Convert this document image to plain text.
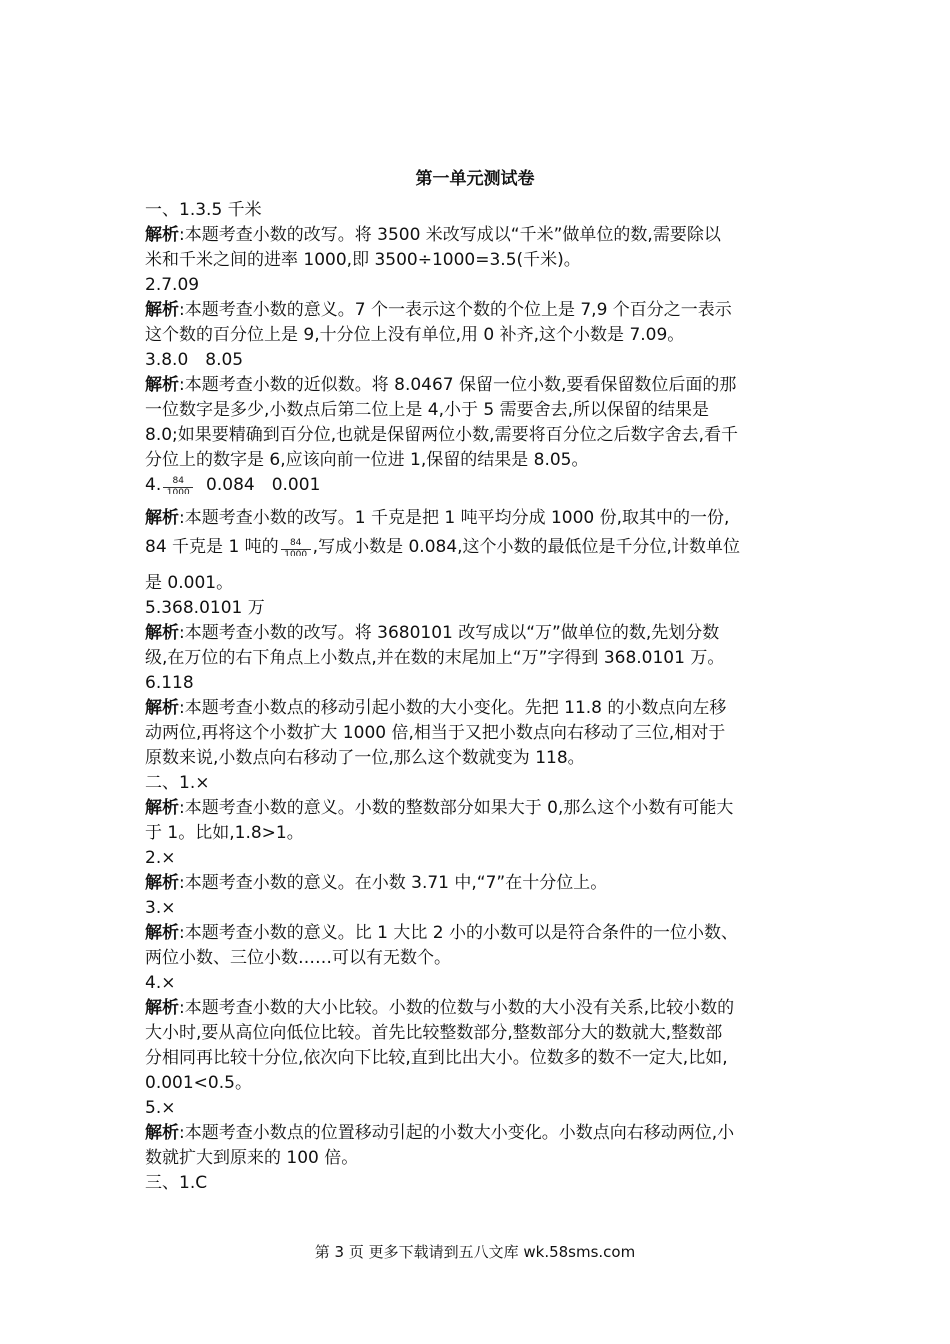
第一单元测试卷
一、1.3.5 千米
解析:本题考查小数的改写。将 3500 米改写成以“千米”做单位的数,需要除以
米和千米之间的进率 1000,即 3500÷1000=3.5(千米)。
2.7.09
解析:本题考查小数的意义。7 个一表示这个数的个位上是 7,9 个百分之一表示
这个数的百分位上是 9,十分位上没有单位,用 0 补齐,这个小数是 7.09。
3.8.0　8.05
解析:本题考查小数的近似数。将 8.0467 保留一位小数,要看保留数位后面的那
一位数字是多少,小数点后第二位上是 4,小于 5 需要舍去,所以保留的结果是
8.0;如果要精确到百分位,也就是保留两位小数,需要将百分位之后数字舍去,看千
分位上的数字是 6,应该向前一位进 1,保留的结果是 8.05。
4. $\frac{84}{1000} 0.084$　0.001
解析:本题考查小数的改写。1 千克是把 1 吨平均分成 1000 份,取其中的一份,
84 千克是 1 吨的 $\frac{84}{1000}$ ,写成小数是 0.084,这个小数的最低位是千分位,计数单位
是 0.001。
5.368.0101 万
解析:本题考查小数的改写。将 3680101 改写成以“万”做单位的数,先划分数
级,在万位的右下角点上小数点,并在数的末尾加上“万”字得到 368.0101 万。
6.118
解析:本题考查小数点的移动引起小数的大小变化。先把 11.8 的小数点向左移
动两位,再将这个小数扩大 1000 倍,相当于又把小数点向右移动了三位,相对于
原数来说,小数点向右移动了一位,那么这个数就变为 118。
二、1.×
解析:本题考查小数的意义。小数的整数部分如果大于 0,那么这个小数有可能大
于 1。比如,1.8>1。
2.×
解析:本题考查小数的意义。在小数 3.71 中,“7”在十分位上。
3.×
解析:本题考查小数的意义。比 1 大比 2 小的小数可以是符合条件的一位小数、
两位小数、三位小数……可以有无数个。
4.×
解析:本题考查小数的大小比较。小数的位数与小数的大小没有关系,比较小数的
大小时,要从高位向低位比较。首先比较整数部分,整数部分大的数就大,整数部
分相同再比较十分位,依次向下比较,直到比出大小。位数多的数不一定大,比如,
0.001<0.5。
5.×
解析:本题考查小数点的位置移动引起的小数大小变化。小数点向右移动两位,小
数就扩大到原来的 100 倍。
三、1.C
第 3 页 更多下载请到五八文库 wk.58sms.com
